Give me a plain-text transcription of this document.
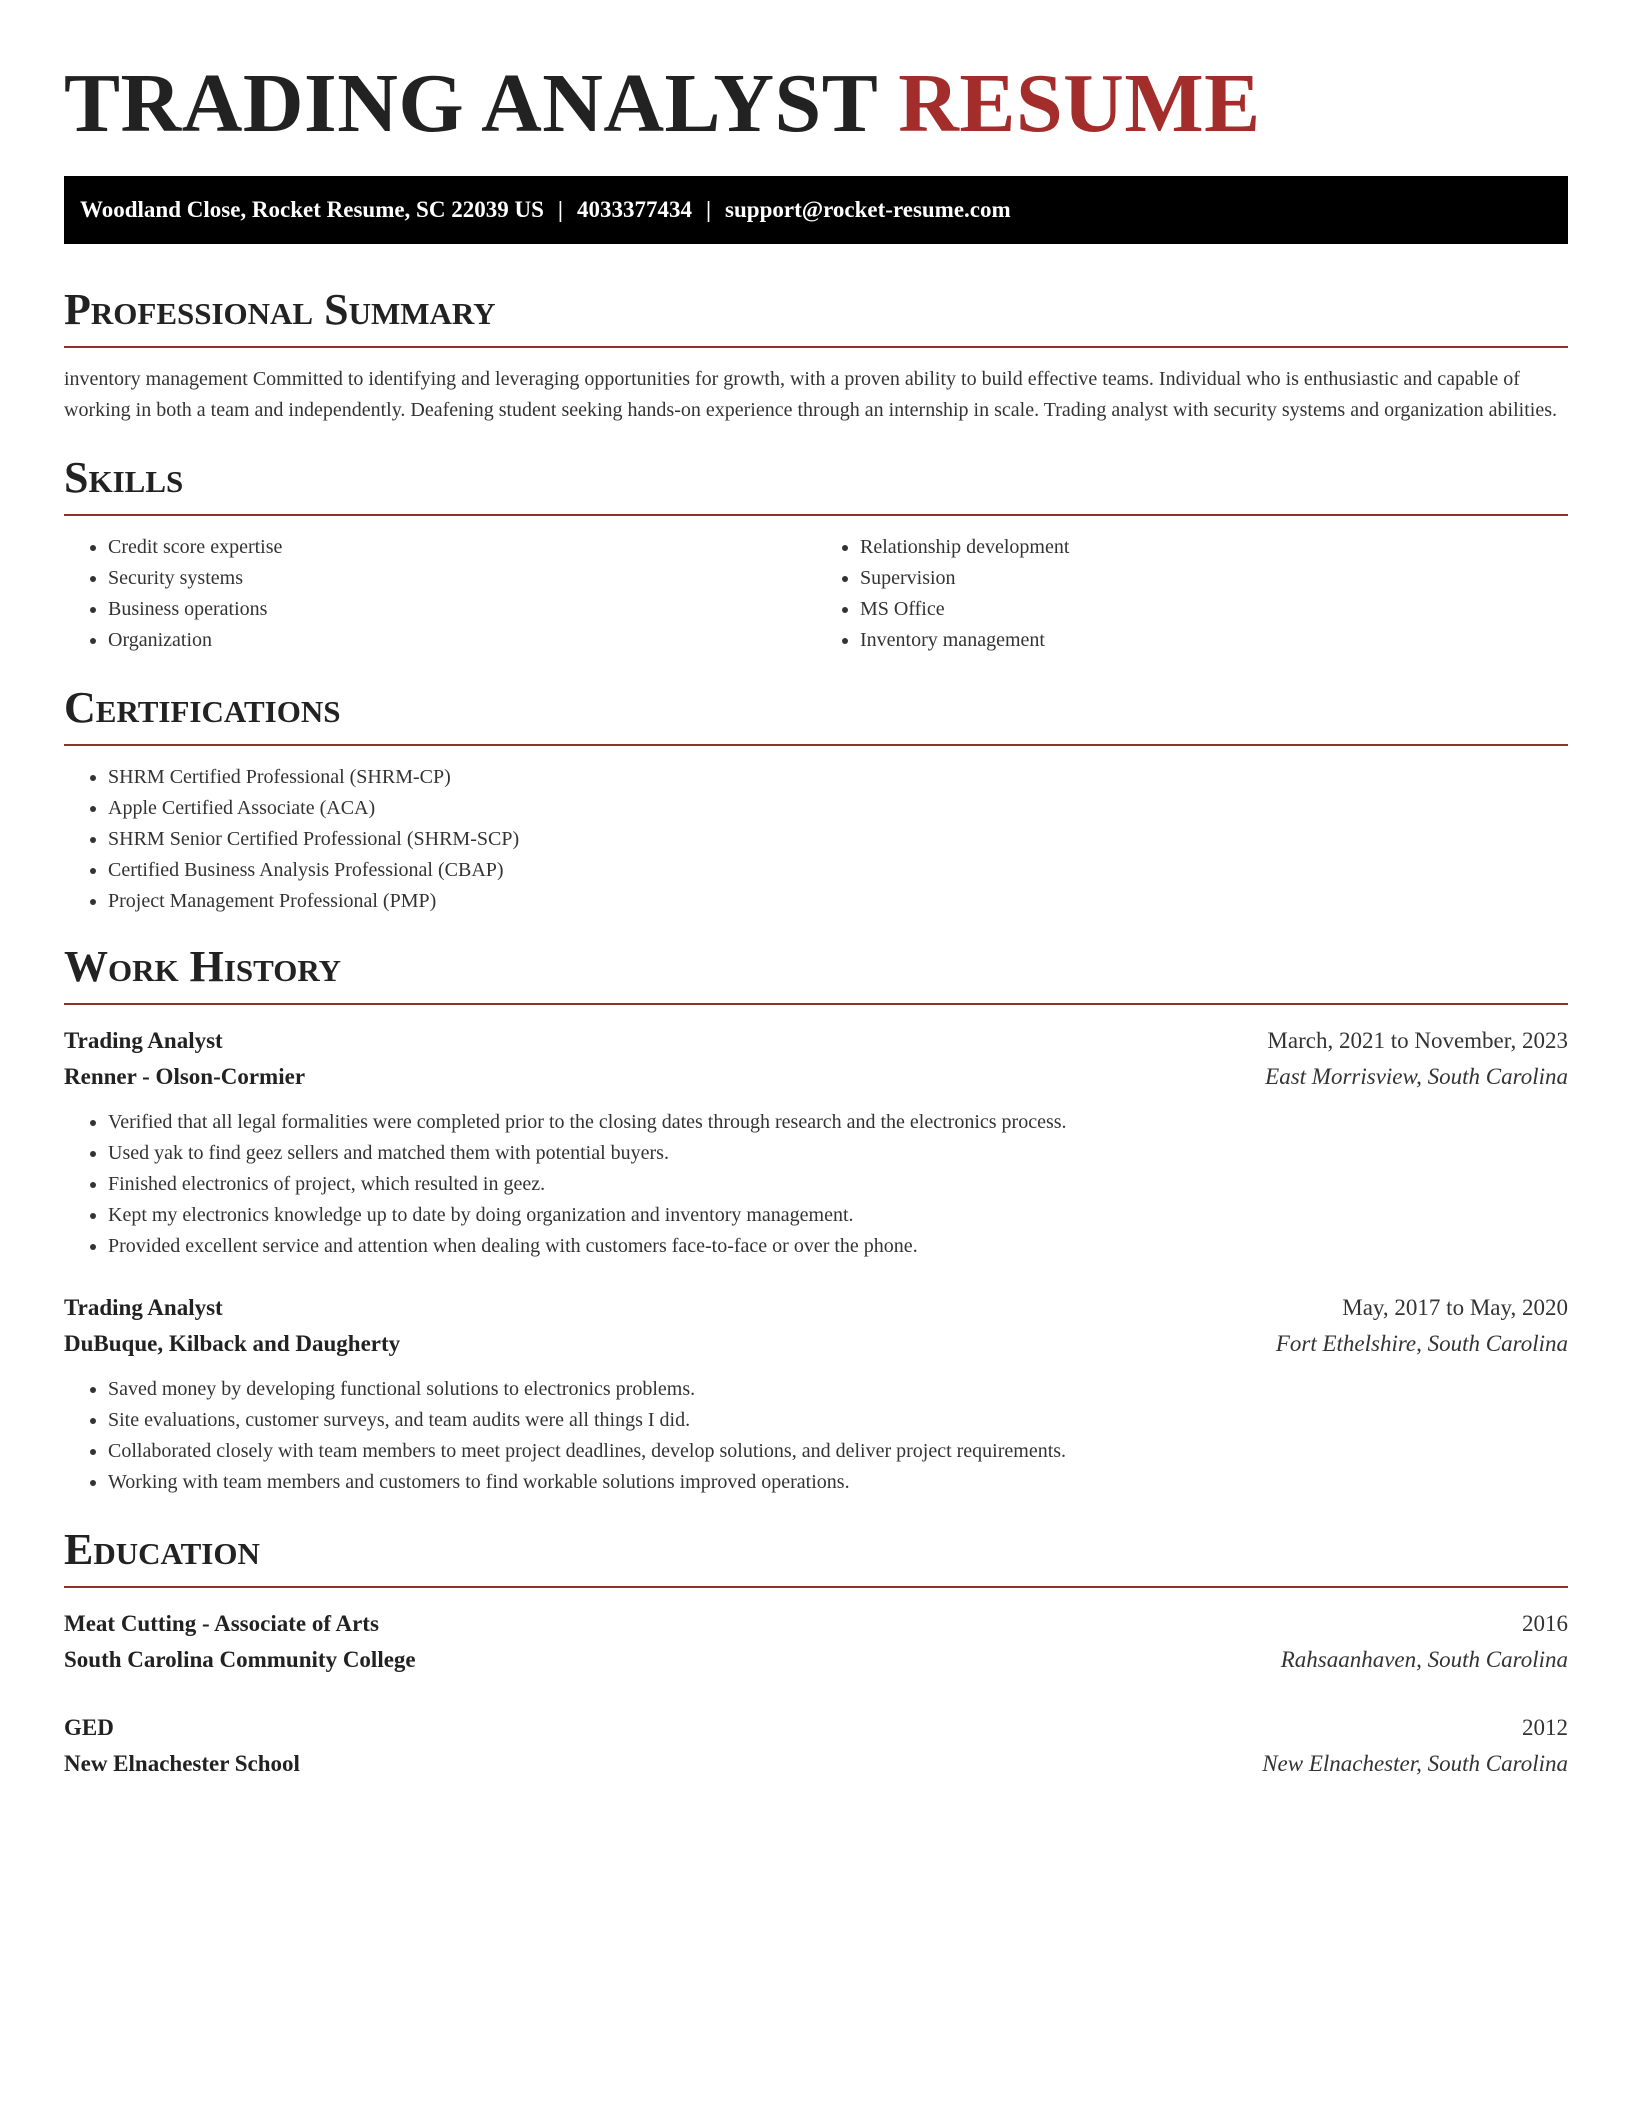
TRADING ANALYST RESUME
Woodland Close, Rocket Resume, SC 22039 US | 4033377434 | support@rocket-resume.com
Professional Summary

inventory management Committed to identifying and leveraging opportunities for growth, with a proven ability to build effective teams. Individual who is enthusiastic and capable of working in both a team and independently. Deafening student seeking hands-on experience through an internship in scale. Trading analyst with security systems and organization abilities.

Skills
• Credit score expertise
• Security systems
• Business operations
• Organization
• Relationship development
• Supervision
• MS Office
• Inventory management
Certifications
• SHRM Certified Professional (SHRM-CP)
• Apple Certified Associate (ACA)
• SHRM Senior Certified Professional (SHRM-SCP)
• Certified Business Analysis Professional (CBAP)
• Project Management Professional (PMP)
Work History
Trading Analyst	March, 2021 to November, 2023
Renner - Olson-Cormier	East Morrisview, South Carolina
• Verified that all legal formalities were completed prior to the closing dates through research and the electronics process.
• Used yak to find geez sellers and matched them with potential buyers.
• Finished electronics of project, which resulted in geez.
• Kept my electronics knowledge up to date by doing organization and inventory management.
• Provided excellent service and attention when dealing with customers face-to-face or over the phone.
Trading Analyst	May, 2017 to May, 2020
DuBuque, Kilback and Daugherty	Fort Ethelshire, South Carolina
• Saved money by developing functional solutions to electronics problems.
• Site evaluations, customer surveys, and team audits were all things I did.
• Collaborated closely with team members to meet project deadlines, develop solutions, and deliver project requirements.
• Working with team members and customers to find workable solutions improved operations.
Education
Meat Cutting - Associate of Arts	2016
South Carolina Community College	Rahsaanhaven, South Carolina
GED	2012
New Elnachester School	New Elnachester, South Carolina
